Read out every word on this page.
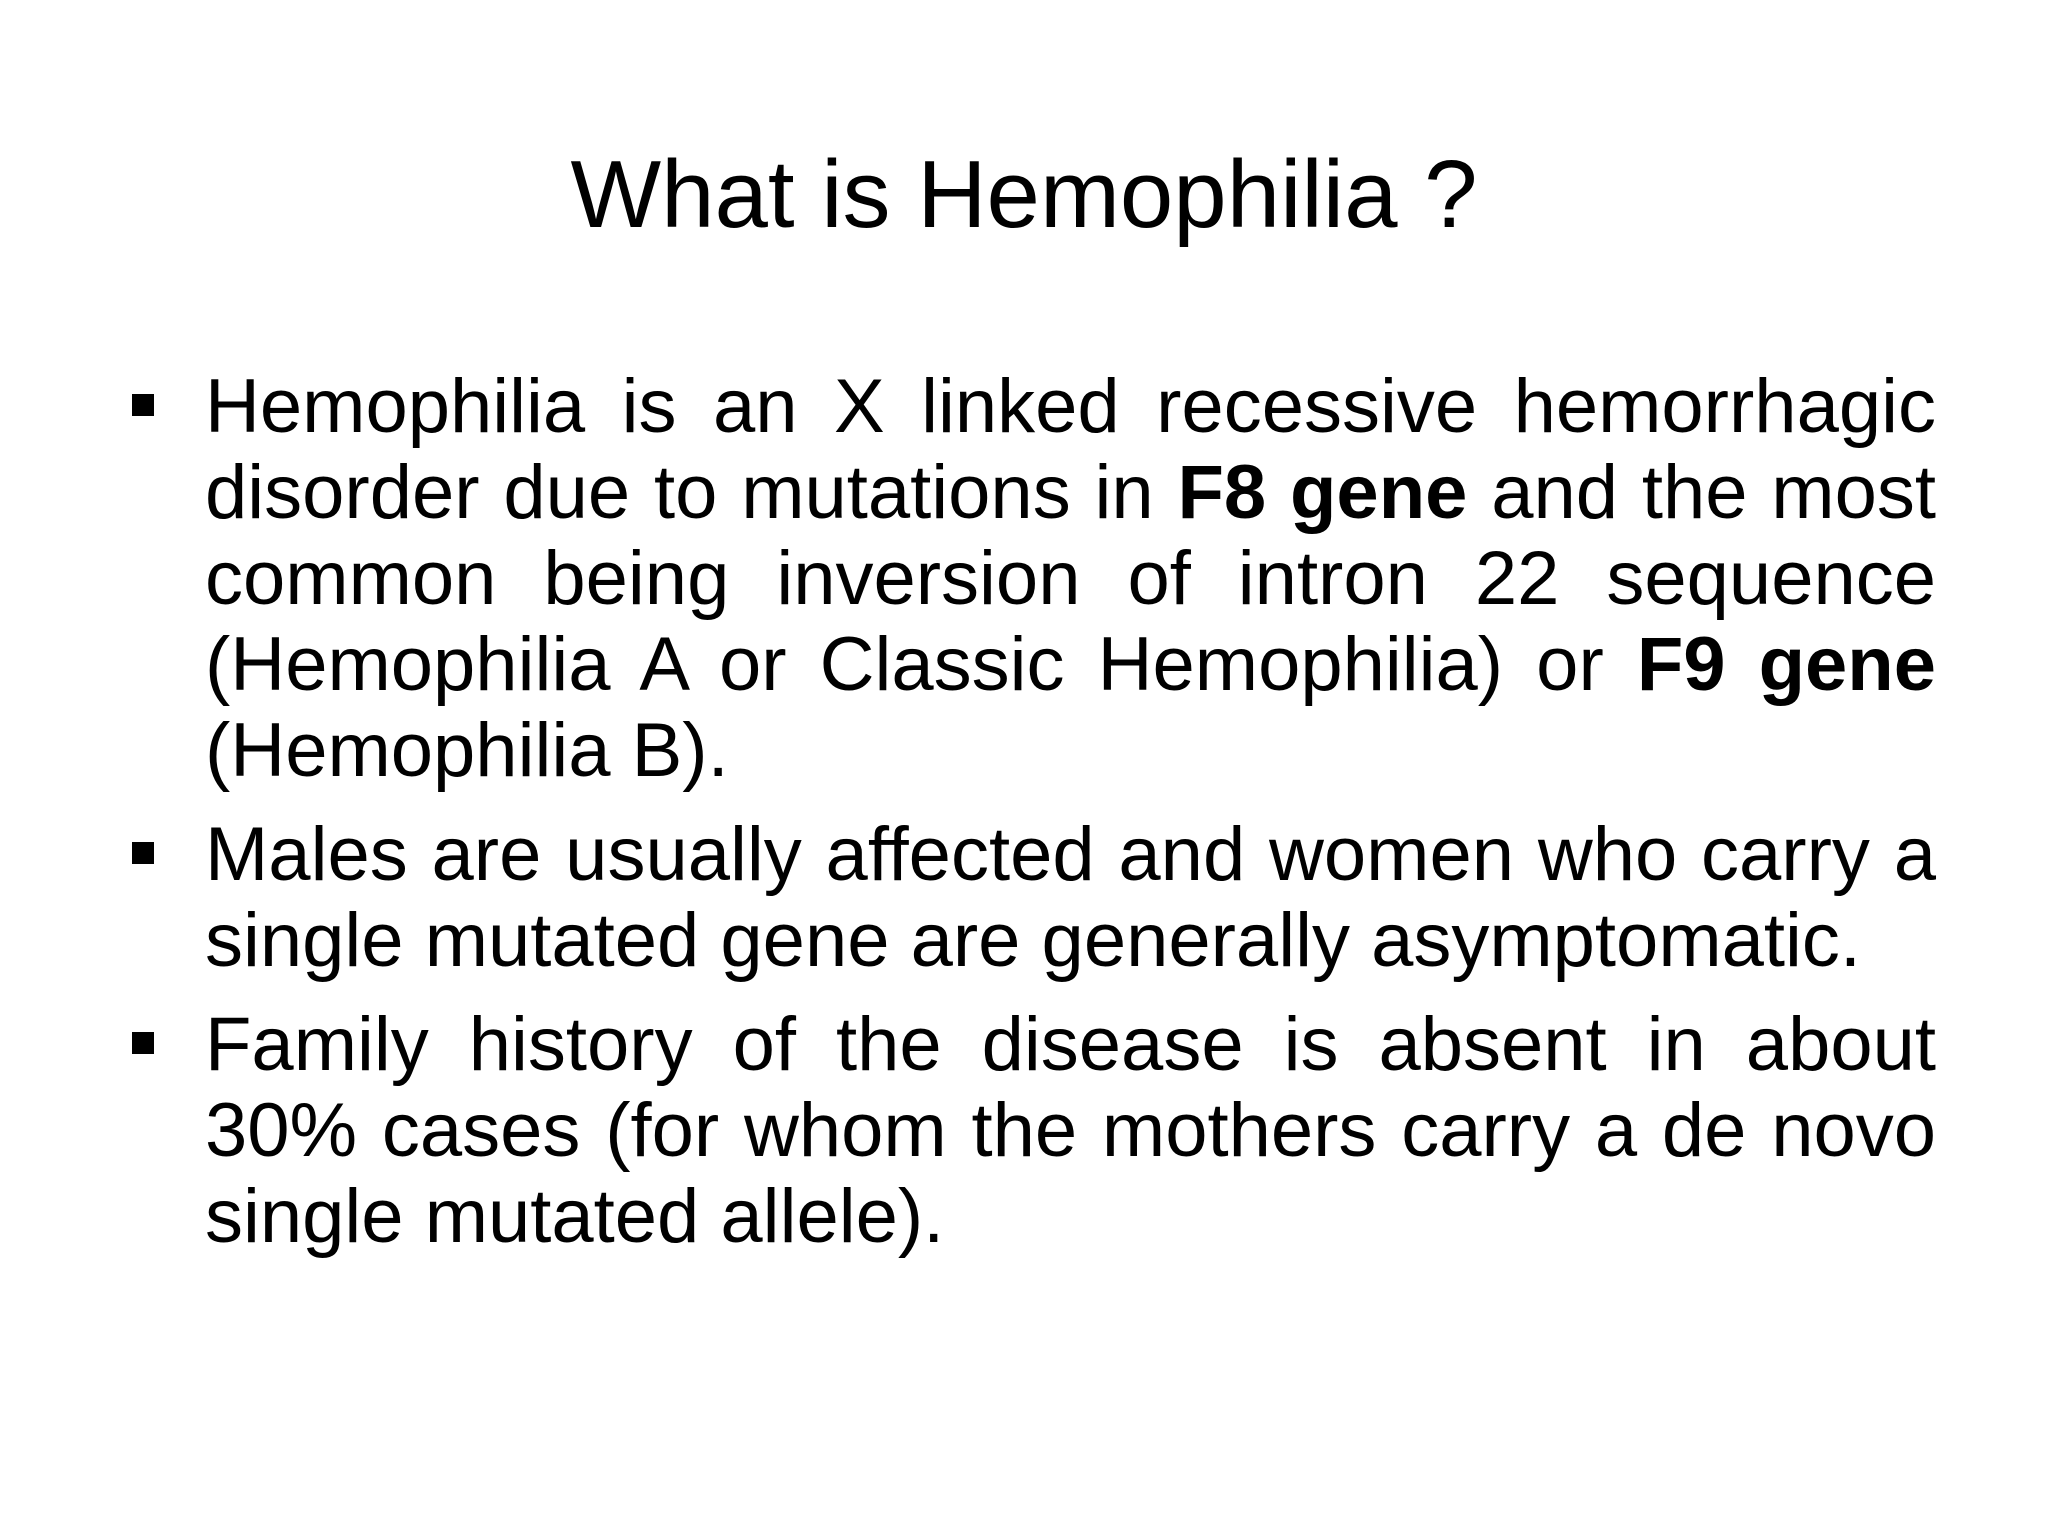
What is Hemophilia ?
Hemophilia is an X linked recessive hemorrhagic disorder due to mutations in F8 gene and the most common being inversion of intron 22 sequence (Hemophilia A or Classic Hemophilia) or F9 gene (Hemophilia B).
Males are usually affected and women who carry a single mutated gene are generally asymptomatic.
Family history of the disease is absent in about 30% cases (for whom the mothers carry a de novo single mutated allele).
